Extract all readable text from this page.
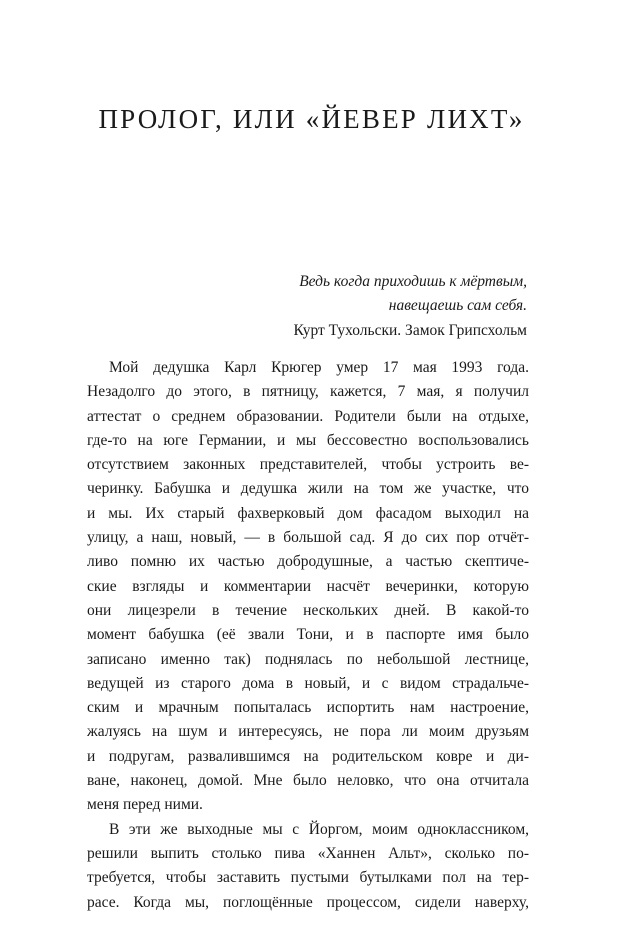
ПРОЛОГ, ИЛИ «ЙЕВЕР ЛИХТ»
Ведь когда приходишь к мёртвым,
навещаешь сам себя.
Курт Тухольски. Замок Грипсхольм

Мой дедушка Карл Крюгер умер 17 мая 1993 года.
Незадолго до этого, в пятницу, кажется, 7 мая, я получил
аттестат о среднем образовании. Родители были на отдыхе,
где-то на юге Германии, и мы бессовестно воспользовались
отсутствием законных представителей, чтобы устроить ве-
черинку. Бабушка и дедушка жили на том же участке, что
и мы. Их старый фахверковый дом фасадом выходил на
улицу, а наш, новый, — в большой сад. Я до сих пор отчёт-
ливо помню их частью добродушные, а частью скептиче-
ские взгляды и комментарии насчёт вечеринки, которую
они лицезрели в течение нескольких дней. В какой-то
момент бабушка (её звали Тони, и в паспорте имя было
записано именно так) поднялась по небольшой лестнице,
ведущей из старого дома в новый, и с видом страдальче-
ским и мрачным попыталась испортить нам настроение,
жалуясь на шум и интересуясь, не пора ли моим друзьям
и подругам, развалившимся на родительском ковре и ди-
ване, наконец, домой. Мне было неловко, что она отчитала
меня перед ними.

В эти же выходные мы с Йоргом, моим одноклассником,
решили выпить столько пива «Ханнен Альт», сколько по-
требуется, чтобы заставить пустыми бутылками пол на тер-
расе. Когда мы, поглощённые процессом, сидели наверху,
